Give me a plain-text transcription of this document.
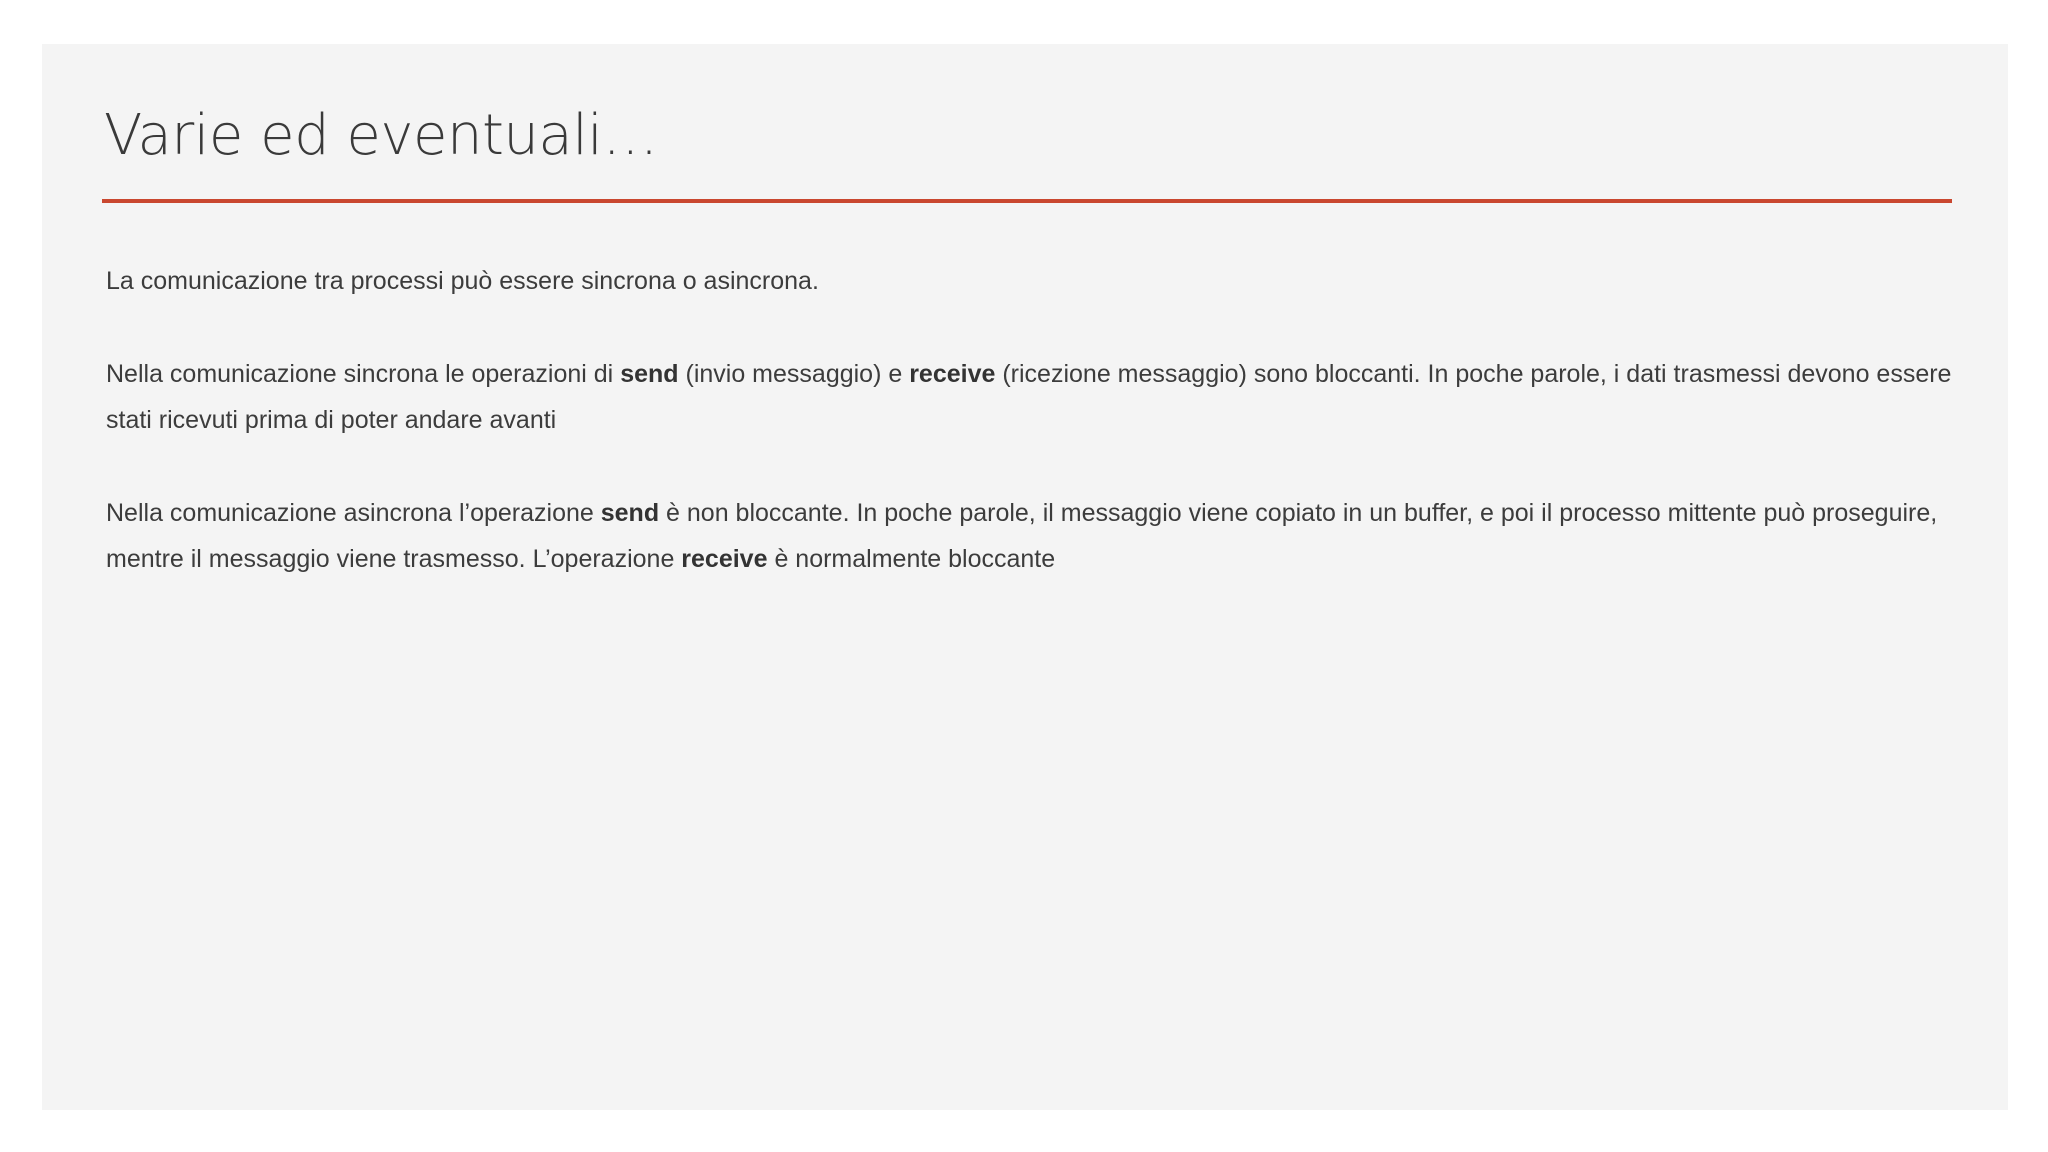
Varie ed eventuali…

La comunicazione tra processi può essere sincrona o asincrona.

Nella comunicazione sincrona le operazioni di send (invio messaggio) e receive (ricezione messaggio) sono bloccanti. In poche parole, i dati trasmessi devono essere stati ricevuti prima di poter andare avanti

Nella comunicazione asincrona l’operazione send è non bloccante. In poche parole, il messaggio viene copiato in un buffer, e poi il processo mittente può proseguire, mentre il messaggio viene trasmesso. L’operazione receive è normalmente bloccante
